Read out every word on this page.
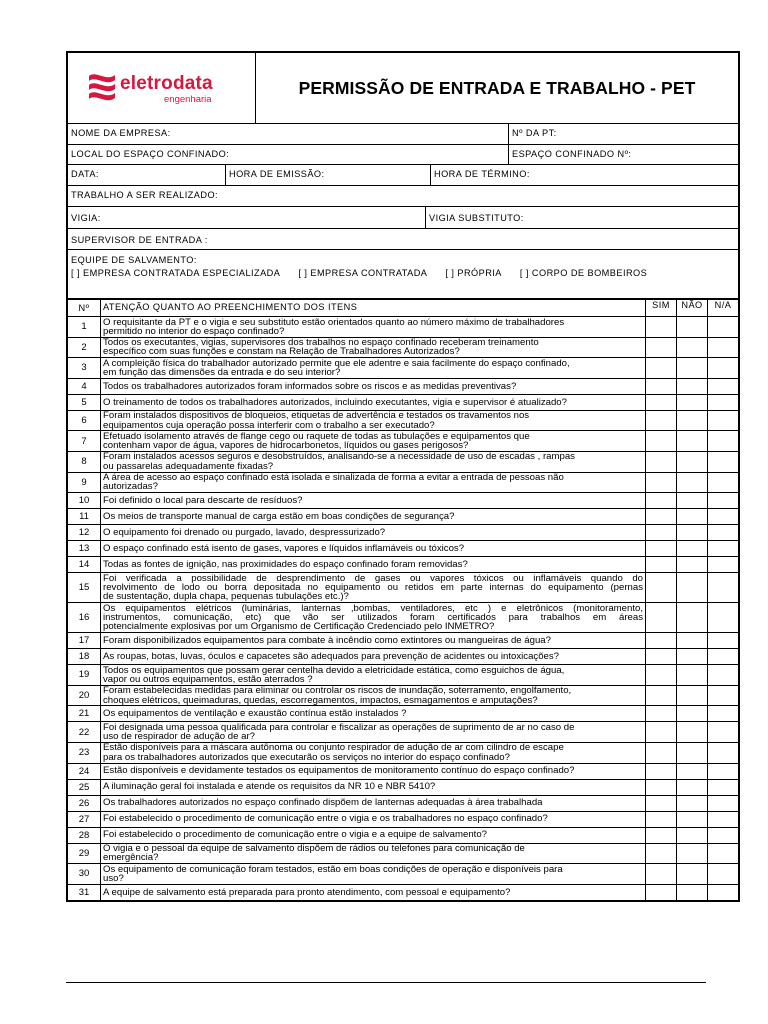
eletrodata
engenharia
PERMISSÃO DE ENTRADA E TRABALHO - PET
NOME DA EMPRESA:	Nº DA PT:
LOCAL DO ESPAÇO CONFINADO:	ESPAÇO CONFINADO Nº:
DATA:	HORA DE EMISSÃO:	HORA DE TÉRMINO:
TRABALHO A SER REALIZADO:
VIGIA:	VIGIA SUBSTITUTO:
SUPERVISOR DE ENTRADA :
EQUIPE DE SALVAMENTO:
[ ] EMPRESA CONTRATADA ESPECIALIZADA [ ] EMPRESA CONTRATADA [ ] PRÓPRIA [ ] CORPO DE BOMBEIROS
Nº	ATENÇÃO QUANTO AO PREENCHIMENTO DOS ITENS	SIM	NÃO	N/A
1	O requisitante da PT e o vigia e seu substituto estão orientados quanto ao número máximo de trabalhadores
permitido no interior do espaço confinado?			

2	Todos os executantes, vigias, supervisores dos trabalhos no espaço confinado receberam treinamento
específico com suas funções e constam na Relação de Trabalhadores Autorizados?			

3	A compleição física do trabalhador autorizado permite que ele adentre e saia facilmente do espaço confinado,
em função das dimensões da entrada e do seu interior?			

4	Todos os trabalhadores autorizados foram informados sobre os riscos e as medidas preventivas?			

5	O treinamento de todos os trabalhadores autorizados, incluindo executantes, vigia e supervisor é atualizado?			

6	Foram instalados dispositivos de bloqueios, etiquetas de advertência e testados os travamentos nos
equipamentos cuja operação possa interferir com o trabalho a ser executado?			

7	Efetuado isolamento através de flange cego ou raquete de todas as tubulações e equipamentos que
contenham vapor de água, vapores de hidrocarbonetos, líquidos ou gases perigosos?			

8	Foram instalados acessos seguros e desobstruídos, analisando-se a necessidade de uso de escadas , rampas
ou passarelas adequadamente fixadas?			

9	A área de acesso ao espaço confinado está isolada e sinalizada de forma a evitar a entrada de pessoas não
autorizadas?			

10	Foi definido o local para descarte de resíduos?			

11	Os meios de transporte manual de carga estão em boas condições de segurança?			

12	O equipamento foi drenado ou purgado, lavado, despressurizado?			

13	O espaço confinado está isento de gases, vapores e líquidos inflamáveis ou tóxicos?			

14	Todas as fontes de ignição, nas proximidades do espaço confinado foram removidas?			

15	Foi verificada a possibilidade de desprendimento de gases ou vapores tóxicos ou inflamáveis quando do
revolvimento de lodo ou borra depositada no equipamento ou retidos em parte internas do equipamento (pernas
de sustentação, dupla chapa, pequenas tubulações etc.)?			

16	Os equipamentos elétricos (luminárias, lanternas ,bombas, ventiladores, etc ) e eletrônicos (monitoramento,
instrumentos, comunicação, etc) que vão ser utilizados foram certificados para trabalhos em áreas
potencialmente explosivas por um Organismo de Certificação Credenciado pelo INMETRO?			

17	Foram disponibilizados equipamentos para combate à incêndio como extintores ou mangueiras de água?			

18	As roupas, botas, luvas, óculos e capacetes são adequados para prevenção de acidentes ou intoxicações?			

19	Todos os equipamentos que possam gerar centelha devido a eletricidade estática, como esguichos de água,
vapor ou outros equipamentos, estão aterrados ?			

20	Foram estabelecidas medidas para eliminar ou controlar os riscos de inundação, soterramento, engolfamento,
choques elétricos, queimaduras, quedas, escorregamentos, impactos, esmagamentos e amputações?			

21	Os equipamentos de ventilação e exaustão contínua estão instalados ?			

22	Foi designada uma pessoa qualificada para controlar e fiscalizar as operações de suprimento de ar no caso de
uso de respirador de adução de ar?			

23	Estão disponíveis para a máscara autônoma ou conjunto respirador de adução de ar com cilindro de escape
para os trabalhadores autorizados que executarão os serviços no interior do espaço confinado?			

24	Estão disponíveis e devidamente testados os equipamentos de monitoramento contínuo do espaço confinado?			

25	A iluminação geral foi instalada e atende os requisitos da NR 10 e NBR 5410?			

26	Os trabalhadores autorizados no espaço confinado dispõem de lanternas adequadas à área trabalhada			

27	Foi estabelecido o procedimento de comunicação entre o vigia e os trabalhadores no espaço confinado?			

28	Foi estabelecido o procedimento de comunicação entre o vigia e a equipe de salvamento?			

29	O vigia e o pessoal da equipe de salvamento dispõem de rádios ou telefones para comunicação de
emergência?			

30	Os equipamento de comunicação foram testados, estão em boas condições de operação e disponíveis para
uso?			

31	A equipe de salvamento está preparada para pronto atendimento, com pessoal e equipamento?			
